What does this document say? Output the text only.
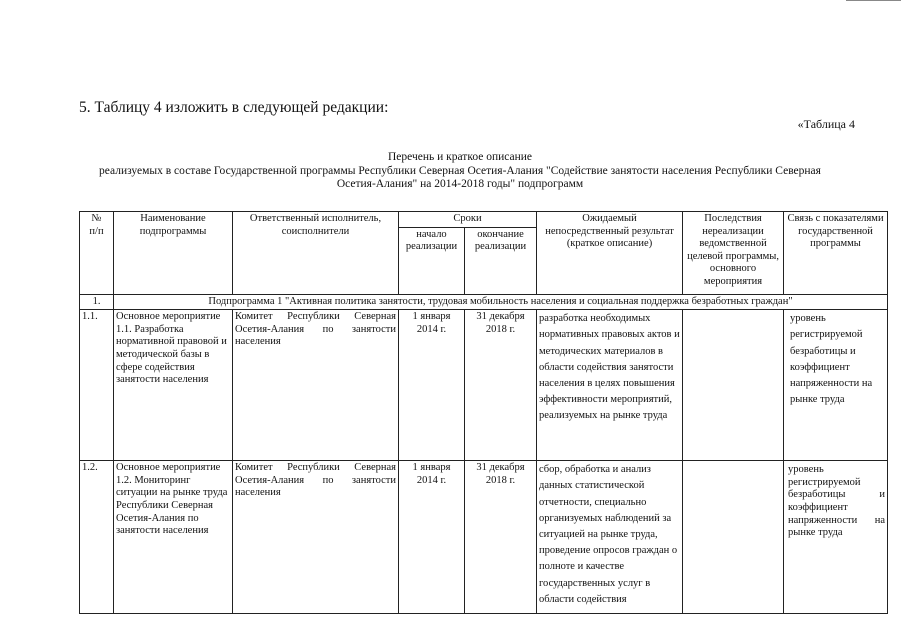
5. Таблицу 4 изложить в следующей редакции:
«Таблица 4
Перечень и краткое описание
реализуемых в составе Государственной программы Республики Северная Осетия-Алания "Содействие занятости населения Республики Северная
Осетия-Алания" на 2014-2018 годы" подпрограмм
№ п/п	Наименование подпрограммы	Ответственный исполнитель, соисполнители	Сроки		Ожидаемый непосредственный результат (краткое описание)	Последствия нереализации ведомственной целевой программы, основного мероприятия	Связь с показателями государственной программы
			начало реализации	окончание реализации			
1.	Подпрограмма 1 "Активная политика занятости, трудовая мобильность населения и социальная поддержка безработных граждан"						
1.1.	Основное мероприятие 1.1. Разработка нормативной правовой и методической базы в сфере содействия занятости населения	Комитет Республики Северная Осетия-Алания по занятости населения	1 января 2014 г.	31 декабря 2018 г.	разработка необходимых нормативных правовых актов и методических материалов в области содействия занятости населения в целях повышения эффективности мероприятий, реализуемых на рынке труда		уровень регистрируемой безработицы и коэффициент напряженности на рынке труда
1.2.	Основное мероприятие 1.2. Мониторинг ситуации на рынке труда Республики Северная Осетия-Алания по занятости населения	Комитет Республики Северная Осетия-Алания по занятости населения	1 января 2014 г.	31 декабря 2018 г.	сбор, обработка и анализ данных статистической отчетности, специально организуемых наблюдений за ситуацией на рынке труда, проведение опросов граждан о полноте и качестве государственных услуг в области содействия		уровень регистрируемой безработицы и коэффициент напряженности на рынке труда
